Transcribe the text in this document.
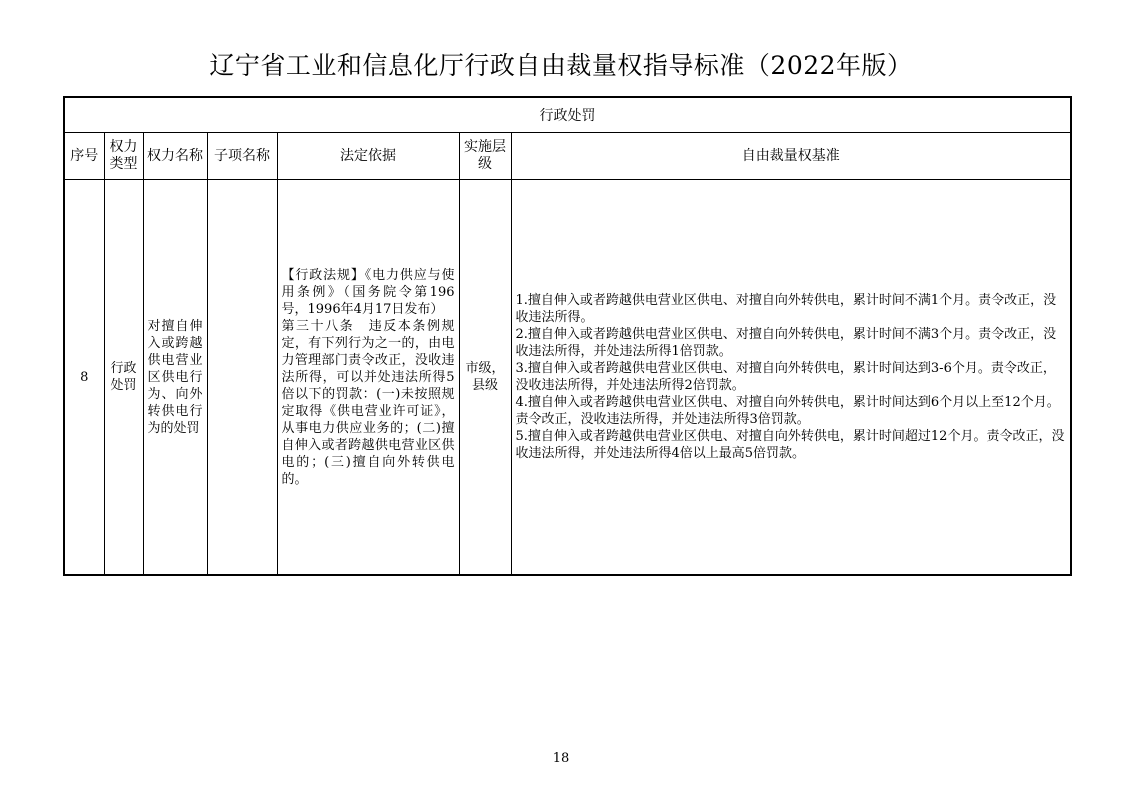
辽宁省工业和信息化厅行政自由裁量权指导标准（2022年版）
行政处罚						
序号	权力类型	权力名称	子项名称	法定依据	实施层级	自由裁量权基准
8	行政处罚	对擅自伸入或跨越供电营业区供电行为、向外转供电行为的处罚		【行政法规】《电力供应与使用条例》（国务院令第196号，1996年4月17日发布）
第三十八条　违反本条例规定，有下列行为之一的，由电力管理部门责令改正，没收违法所得，可以并处违法所得5倍以下的罚款：(一)未按照规定取得《供电营业许可证》，从事电力供应业务的；(二)擅自伸入或者跨越供电营业区供电的；(三)擅自向外转供电的。	市级，县级	1.擅自伸入或者跨越供电营业区供电、对擅自向外转供电，累计时间不满1个月。责令改正，没收违法所得。
2.擅自伸入或者跨越供电营业区供电、对擅自向外转供电，累计时间不满3个月。责令改正，没收违法所得，并处违法所得1倍罚款。
3.擅自伸入或者跨越供电营业区供电、对擅自向外转供电，累计时间达到3-6个月。责令改正，没收违法所得，并处违法所得2倍罚款。
4.擅自伸入或者跨越供电营业区供电、对擅自向外转供电，累计时间达到6个月以上至12个月。责令改正，没收违法所得，并处违法所得3倍罚款。
5.擅自伸入或者跨越供电营业区供电、对擅自向外转供电，累计时间超过12个月。责令改正，没收违法所得，并处违法所得4倍以上最高5倍罚款。
18
